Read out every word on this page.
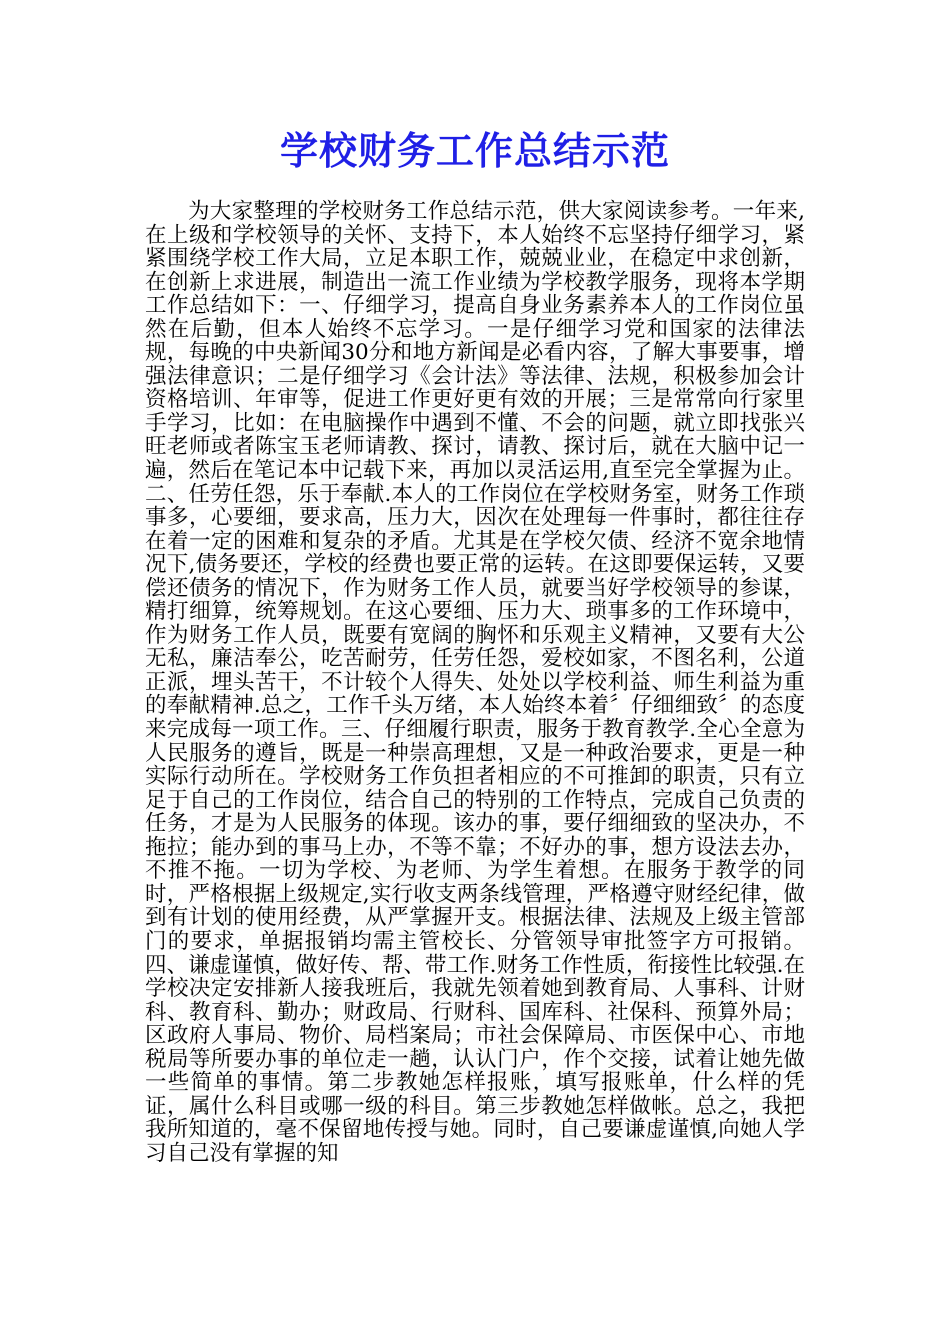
学校财务工作总结示范

为大家整理的学校财务工作总结示范，供大家阅读参考。一年来,在上级和学校领导的关怀、支持下，本人始终不忘坚持仔细学习，紧紧围绕学校工作大局，立足本职工作，兢兢业业，在稳定中求创新，在创新上求进展，制造出一流工作业绩为学校教学服务，现将本学期工作总结如下：一、仔细学习，提高自身业务素养本人的工作岗位虽然在后勤，但本人始终不忘学习。一是仔细学习党和国家的法律法规，每晚的中央新闻30分和地方新闻是必看内容，了解大事要事，增强法律意识；二是仔细学习《会计法》等法律、法规，积极参加会计资格培训、年审等，促进工作更好更有效的开展；三是常常向行家里手学习，比如：在电脑操作中遇到不懂、不会的问题，就立即找张兴旺老师或者陈宝玉老师请教、探讨，请教、探讨后，就在大脑中记一遍，然后在笔记本中记载下来，再加以灵活运用,直至完全掌握为止。二、任劳任怨，乐于奉献.本人的工作岗位在学校财务室，财务工作琐事多，心要细，要求高，压力大，因次在处理每一件事时，都往往存在着一定的困难和复杂的矛盾。尤其是在学校欠债、经济不宽余地情况下,债务要还，学校的经费也要正常的运转。在这即要保运转，又要偿还债务的情况下，作为财务工作人员，就要当好学校领导的参谋，精打细算，统筹规划。在这心要细、压力大、琐事多的工作环境中，作为财务工作人员，既要有宽阔的胸怀和乐观主义精神，又要有大公无私，廉洁奉公，吃苦耐劳，任劳任怨，爱校如家，不图名利，公道正派，埋头苦干，不计较个人得失、处处以学校利益、师生利益为重的奉献精神.总之，工作千头万绪，本人始终本着〞仔细细致〞的态度来完成每一项工作。三、仔细履行职责，服务于教育教学.全心全意为人民服务的遵旨，既是一种崇高理想，又是一种政治要求，更是一种实际行动所在。学校财务工作负担者相应的不可推卸的职责，只有立足于自己的工作岗位，结合自己的特别的工作特点，完成自己负责的任务，才是为人民服务的体现。该办的事，要仔细细致的坚决办，不拖拉；能办到的事马上办，不等不靠；不好办的事，想方设法去办，不推不拖。一切为学校、为老师、为学生着想。在服务于教学的同时，严格根据上级规定,实行收支两条线管理，严格遵守财经纪律，做到有计划的使用经费，从严掌握开支。根据法律、法规及上级主管部门的要求，单据报销均需主管校长、分管领导审批签字方可报销。四、谦虚谨慎，做好传、帮、带工作.财务工作性质，衔接性比较强.在学校决定安排新人接我班后，我就先领着她到教育局、人事科、计财科、教育科、勤办；财政局、行财科、国库科、社保科、预算外局；区政府人事局、物价、局档案局；市社会保障局、市医保中心、市地税局等所要办事的单位走一趟，认认门户，作个交接，试着让她先做一些简单的事情。第二步教她怎样报账，填写报账单，什么样的凭证，属什么科目或哪一级的科目。第三步教她怎样做帐。总之，我把我所知道的，毫不保留地传授与她。同时，自己要谦虚谨慎,向她人学习自己没有掌握的知
